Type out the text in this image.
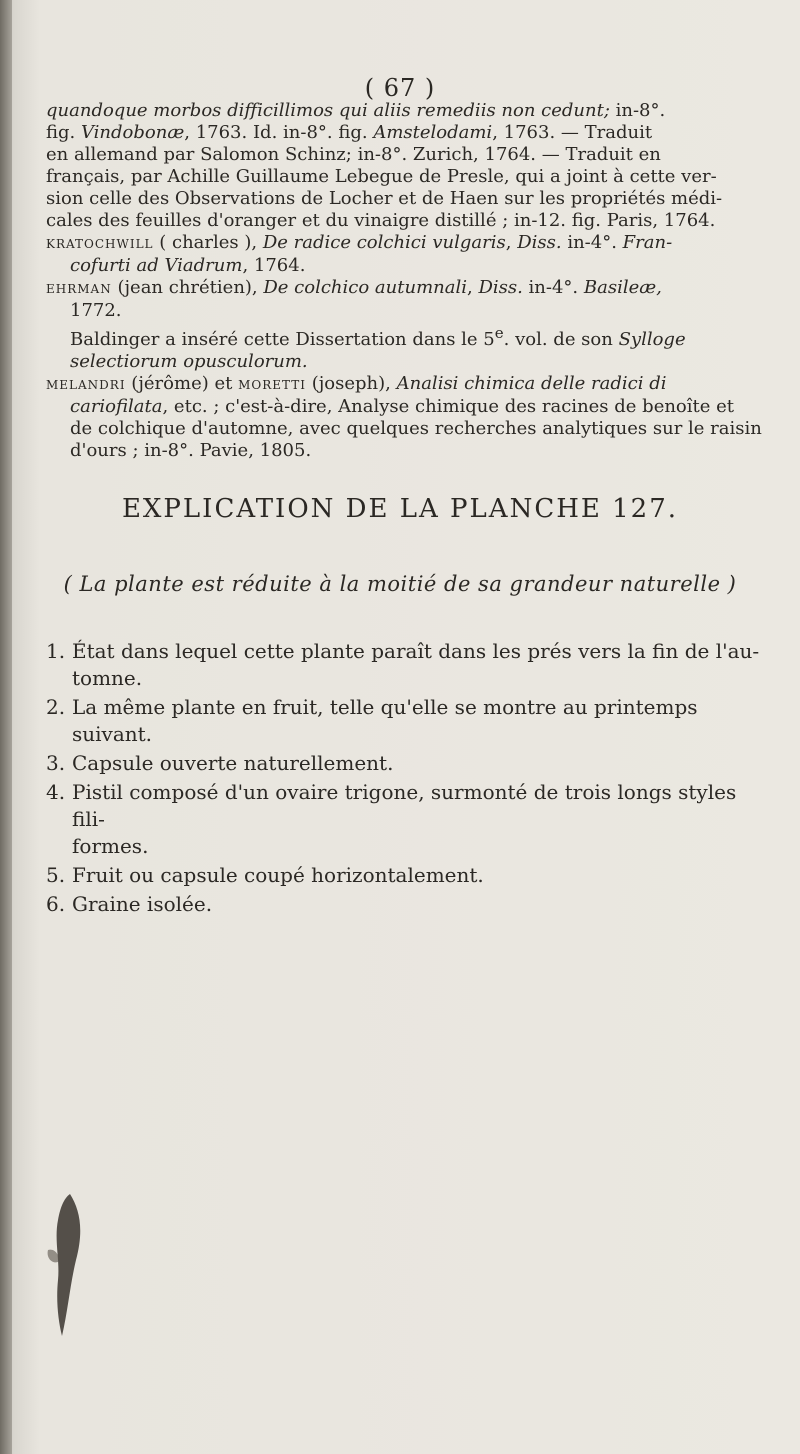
( 67 )

quandoque morbos difficillimos qui aliis remediis non cedunt; in-8°.
fig. Vindobonæ, 1763. Id. in-8°. fig. Amstelodami, 1763. — Traduit
en allemand par Salomon Schinz; in-8°. Zurich, 1764. — Traduit en
français, par Achille Guillaume Lebegue de Presle, qui a joint à cette ver-
sion celle des Observations de Locher et de Haen sur les propriétés médi-
cales des feuilles d'oranger et du vinaigre distillé ; in-12. fig. Paris, 1764.

KRATOCHWILL ( charles ), De radice colchici vulgaris, Diss. in-4°. Fran-
cofurti ad Viadrum, 1764.

EHRMAN (jean chrétien), De colchico autumnali, Diss. in-4°. Basileæ,
1772.
Baldinger a inséré cette Dissertation dans le 5e. vol. de son Sylloge
selectiorum opusculorum.

MELANDRI (jérôme) et MORETTI (joseph), Analisi chimica delle radici di
cariofilata, etc. ; c'est-à-dire, Analyse chimique des racines de benoîte et
de colchique d'automne, avec quelques recherches analytiques sur le raisin
d'ours ; in-8°. Pavie, 1805.

EXPLICATION DE LA PLANCHE 127.
( La plante est réduite à la moitié de sa grandeur naturelle )
1. État dans lequel cette plante paraît dans les prés vers la fin de l'au-
tomne.
2. La même plante en fruit, telle qu'elle se montre au printemps suivant.
3. Capsule ouverte naturellement.
4. Pistil composé d'un ovaire trigone, surmonté de trois longs styles fili-
formes.
5. Fruit ou capsule coupé horizontalement.
6. Graine isolée.
